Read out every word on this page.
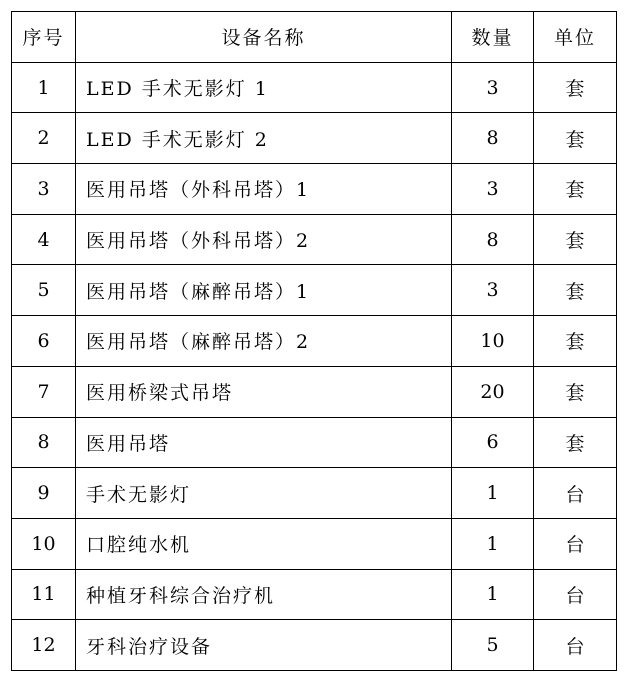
序号	设备名称	数量	单位
1	LED 手术无影灯 1	3	套
2	LED 手术无影灯 2	8	套
3	医用吊塔（外科吊塔）1	3	套
4	医用吊塔（外科吊塔）2	8	套
5	医用吊塔（麻醉吊塔）1	3	套
6	医用吊塔（麻醉吊塔）2	10	套
7	医用桥梁式吊塔	20	套
8	医用吊塔	6	套
9	手术无影灯	1	台
10	口腔纯水机	1	台
11	种植牙科综合治疗机	1	台
12	牙科治疗设备	5	台
